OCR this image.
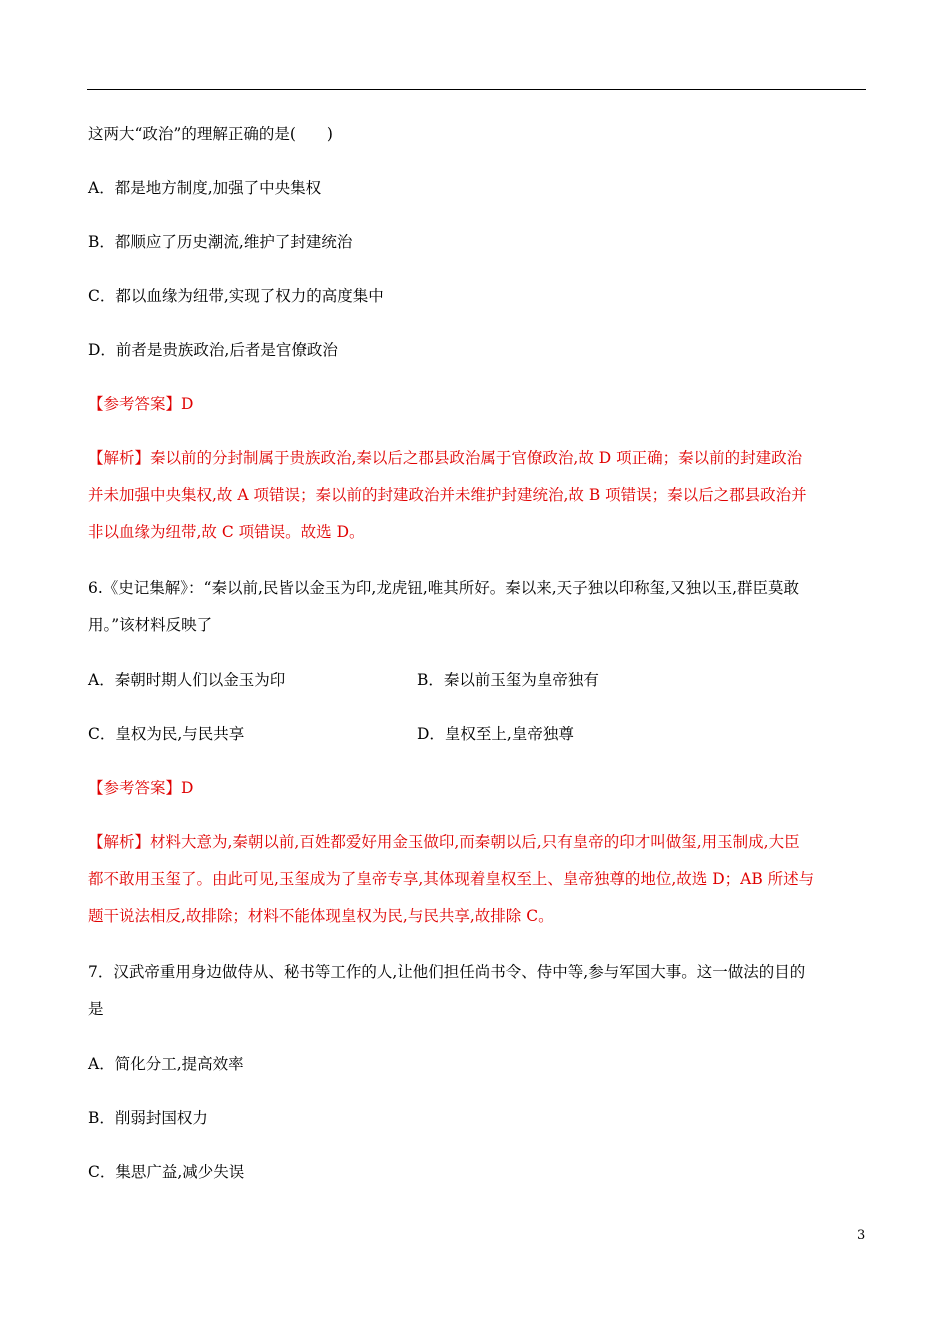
这两大“政治”的理解正确的是(　　)
A．都是地方制度,加强了中央集权
B．都顺应了历史潮流,维护了封建统治
C．都以血缘为纽带,实现了权力的高度集中
D．前者是贵族政治,后者是官僚政治
【参考答案】D
【解析】秦以前的分封制属于贵族政治,秦以后之郡县政治属于官僚政治,故 D 项正确；秦以前的封建政治
并未加强中央集权,故 A 项错误；秦以前的封建政治并未维护封建统治,故 B 项错误；秦以后之郡县政治并
非以血缘为纽带,故 C 项错误。故选 D。
6.《史记集解》：“秦以前,民皆以金玉为印,龙虎钮,唯其所好。秦以来,天子独以印称玺,又独以玉,群臣莫敢
用。”该材料反映了
A．秦朝时期人们以金玉为印	B．秦以前玉玺为皇帝独有
C．皇权为民,与民共享	D．皇权至上,皇帝独尊
【参考答案】D
【解析】材料大意为,秦朝以前,百姓都爱好用金玉做印,而秦朝以后,只有皇帝的印才叫做玺,用玉制成,大臣
都不敢用玉玺了。由此可见,玉玺成为了皇帝专享,其体现着皇权至上、皇帝独尊的地位,故选 D；AB 所述与
题干说法相反,故排除；材料不能体现皇权为民,与民共享,故排除 C。
7．汉武帝重用身边做侍从、秘书等工作的人,让他们担任尚书令、侍中等,参与军国大事。这一做法的目的
是
A．简化分工,提高效率
B．削弱封国权力
C．集思广益,减少失误
3
